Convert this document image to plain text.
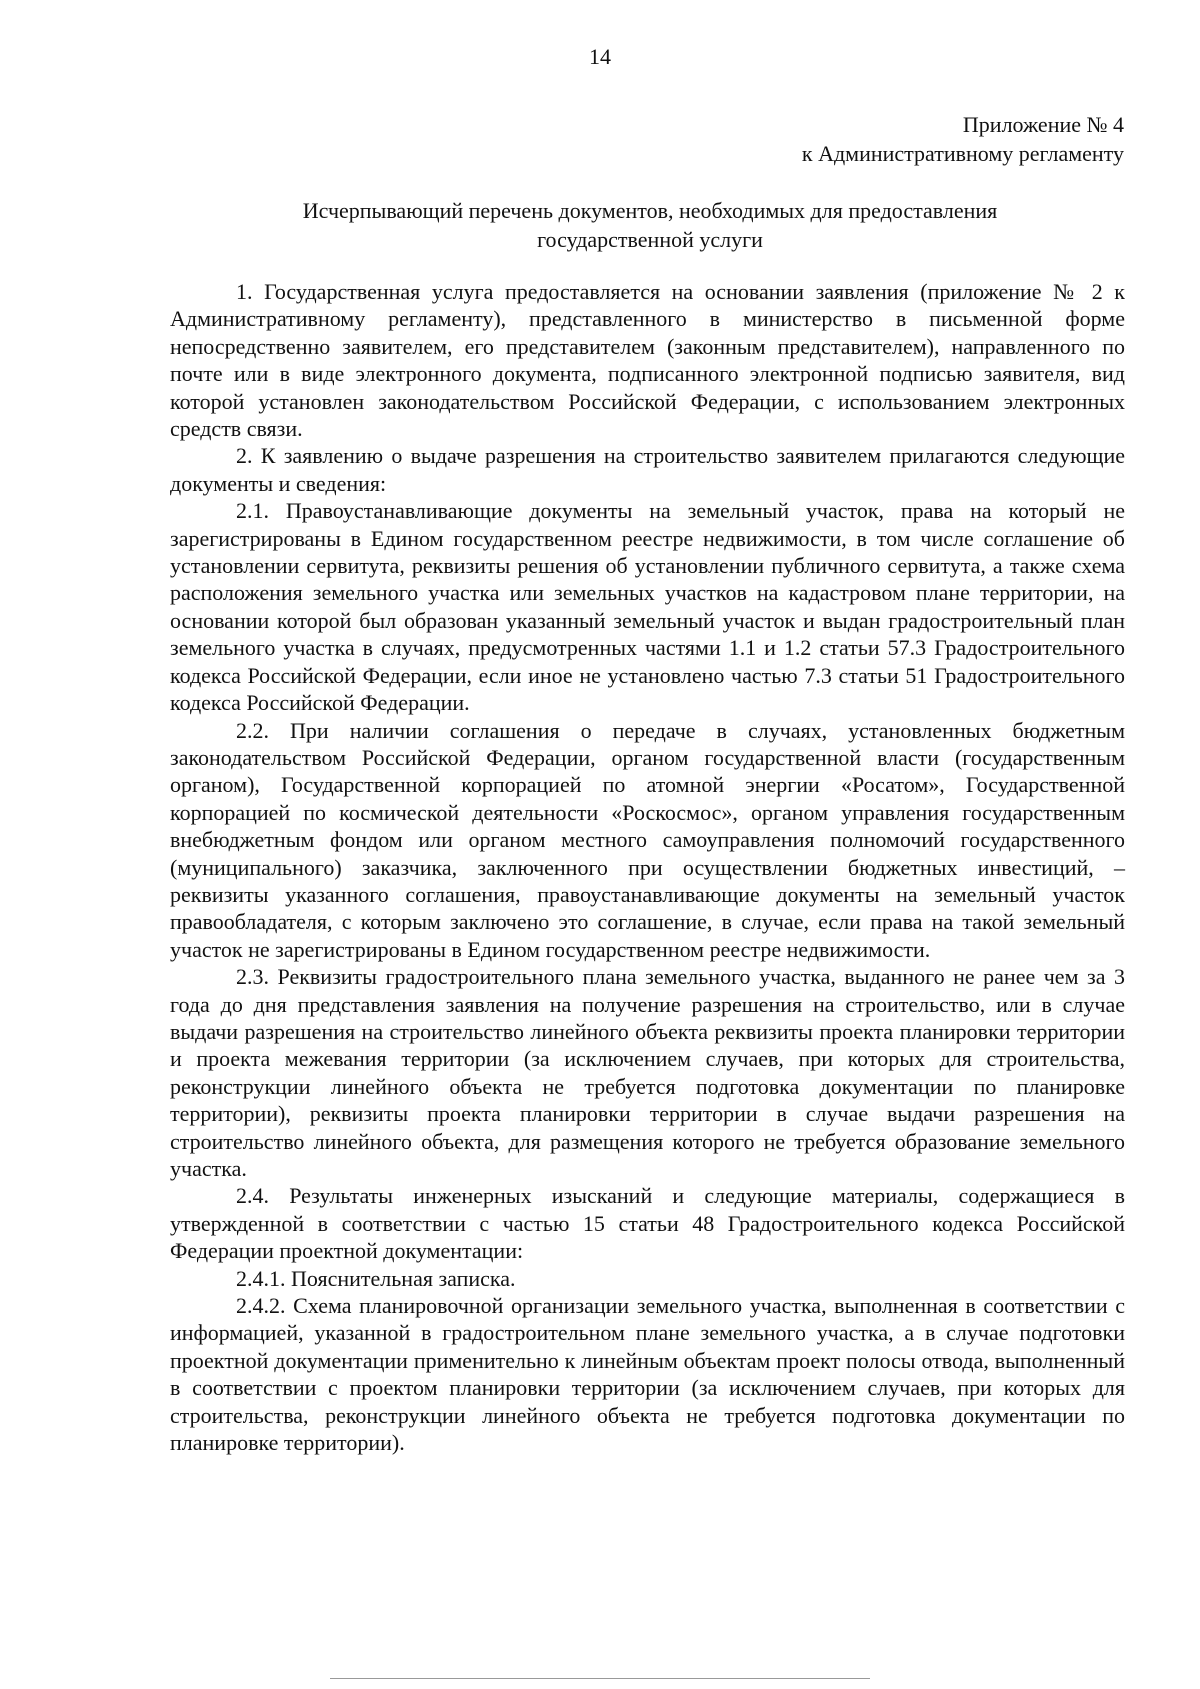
14
Приложение № 4
к Административному регламенту
Исчерпывающий перечень документов, необходимых для предоставления
государственной услуги

1. Государственная услуга предоставляется на основании заявления (приложение № 2 к Административному регламенту), представленного в министерство в письменной форме непосредственно заявителем, его представителем (законным представителем), направленного по почте или в виде электронного документа, подписанного электронной подписью заявителя, вид которой установлен законодательством Российской Федерации, с использованием электронных средств связи.

2. К заявлению о выдаче разрешения на строительство заявителем прилагаются следующие документы и сведения:

2.1. Правоустанавливающие документы на земельный участок, права на который не зарегистрированы в Едином государственном реестре недвижимости, в том числе соглашение об установлении сервитута, реквизиты решения об установлении публичного сервитута, а также схема расположения земельного участка или земельных участков на кадастровом плане территории, на основании которой был образован указанный земельный участок и выдан градостроительный план земельного участка в случаях, предусмотренных частями 1.1 и 1.2 статьи 57.3 Градостроительного кодекса Российской Федерации, если иное не установлено частью 7.3 статьи 51 Градостроительного кодекса Российской Федерации.

2.2. При наличии соглашения о передаче в случаях, установленных бюджетным законодательством Российской Федерации, органом государственной власти (государственным органом), Государственной корпорацией по атомной энергии «Росатом», Государственной корпорацией по космической деятельности «Роскосмос», органом управления государственным внебюджетным фондом или органом местного самоуправления полномочий государственного (муниципального) заказчика, заключенного при осуществлении бюджетных инвестиций, – реквизиты указанного соглашения, правоустанавливающие документы на земельный участок правообладателя, с которым заключено это соглашение, в случае, если права на такой земельный участок не зарегистрированы в Едином государственном реестре недвижимости.

2.3. Реквизиты градостроительного плана земельного участка, выданного не ранее чем за 3 года до дня представления заявления на получение разрешения на строительство, или в случае выдачи разрешения на строительство линейного объекта реквизиты проекта планировки территории и проекта межевания территории (за исключением случаев, при которых для строительства, реконструкции линейного объекта не требуется подготовка документации по планировке территории), реквизиты проекта планировки территории в случае выдачи разрешения на строительство линейного объекта, для размещения которого не требуется образование земельного участка.

2.4. Результаты инженерных изысканий и следующие материалы, содержащиеся в утвержденной в соответствии с частью 15 статьи 48 Градостроительного кодекса Российской Федерации проектной документации:

2.4.1. Пояснительная записка.

2.4.2. Схема планировочной организации земельного участка, выполненная в соответствии с информацией, указанной в градостроительном плане земельного участка, а в случае подготовки проектной документации применительно к линейным объектам проект полосы отвода, выполненный в соответствии с проектом планировки территории (за исключением случаев, при которых для строительства, реконструкции линейного объекта не требуется подготовка документации по планировке территории).
